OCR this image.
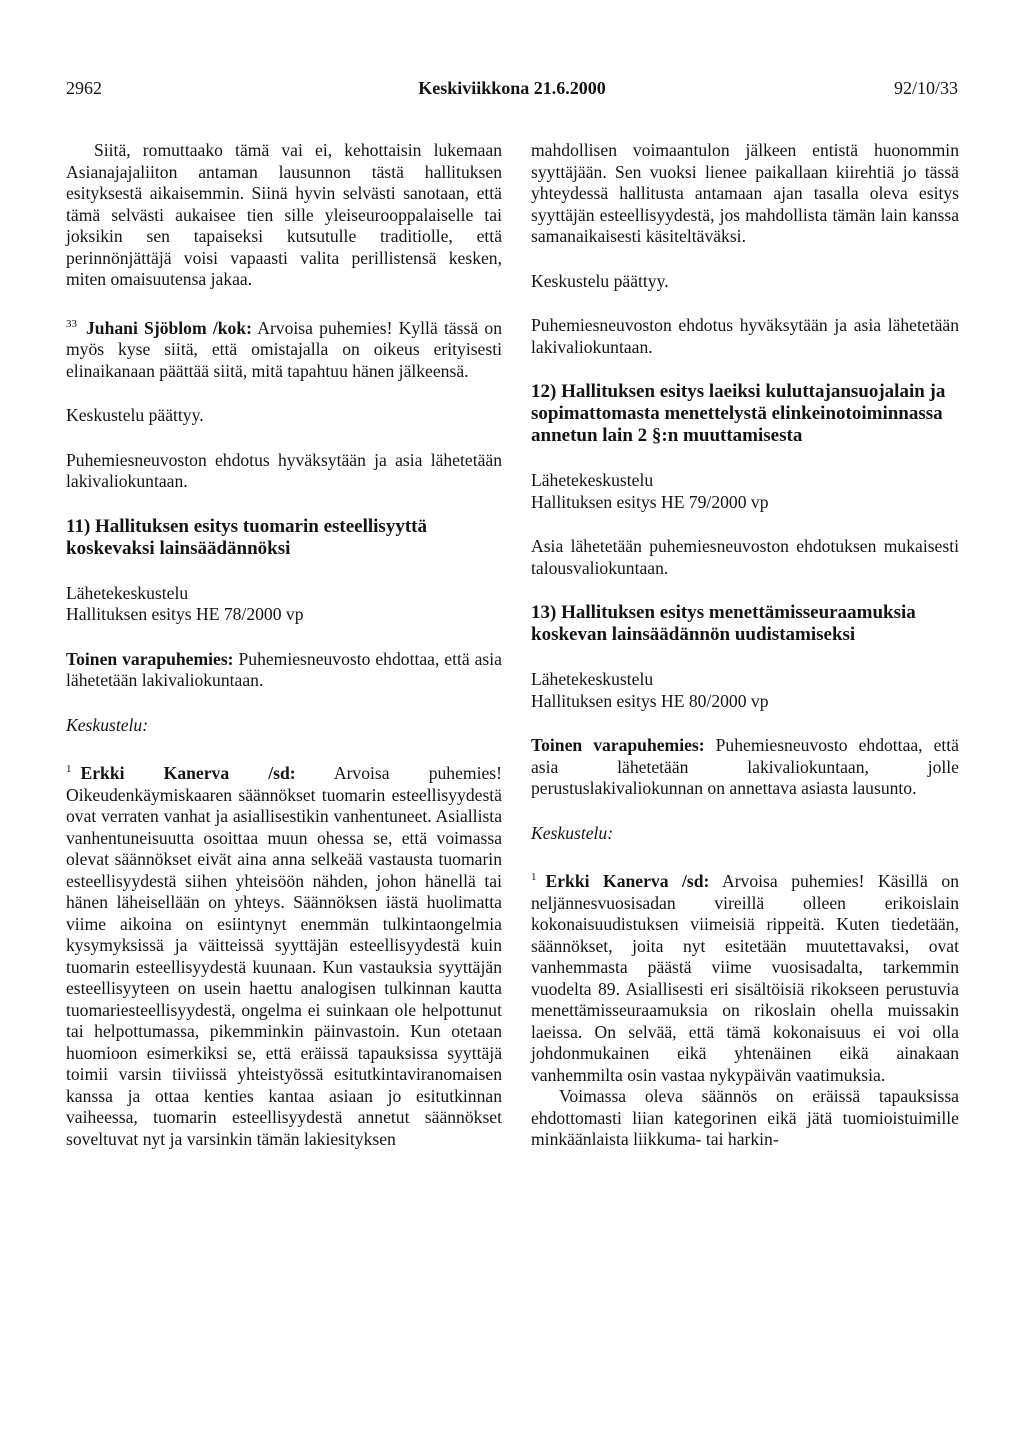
2962	Keskiviikkona 21.6.2000	92/10/33

Siitä, romuttaako tämä vai ei, kehottaisin lukemaan Asianajajaliiton antaman lausunnon tästä hallituksen esityksestä aikaisemmin. Siinä hyvin selvästi sanotaan, että tämä selvästi aukaisee tien sille yleiseurooppalaiselle tai joksikin sen tapaiseksi kutsutulle traditiolle, että perinnönjättäjä voisi vapaasti valita perillistensä kesken, miten omaisuutensa jakaa.

$^{33}$ Juhani Sjöblom /kok: Arvoisa puhemies! Kyllä tässä on myös kyse siitä, että omistajalla on oikeus erityisesti elinaikanaan päättää siitä, mitä tapahtuu hänen jälkeensä.

Keskustelu päättyy.

Puhemiesneuvoston ehdotus hyväksytään ja asia lähetetään lakivaliokuntaan.

11) Hallituksen esitys tuomarin esteellisyyttä koskevaksi lainsäädännöksi

Lähetekeskustelu

Hallituksen esitys HE 78/2000 vp

Toinen varapuhemies: Puhemiesneuvosto ehdottaa, että asia lähetetään lakivaliokuntaan.

Keskustelu:

$^1$ Erkki Kanerva /sd: Arvoisa puhemies! Oikeudenkäymiskaaren säännökset tuomarin esteellisyydestä ovat verraten vanhat ja asiallisestikin vanhentuneet. Asiallista vanhentuneisuutta osoittaa muun ohessa se, että voimassa olevat säännökset eivät aina anna selkeää vastausta tuomarin esteellisyydestä siihen yhteisöön nähden, johon hänellä tai hänen läheisellään on yhteys. Säännöksen iästä huolimatta viime aikoina on esiintynyt enemmän tulkintaongelmia kysymyksissä ja väitteissä syyttäjän esteellisyydestä kuin tuomarin esteellisyydestä kuunaan. Kun vastauksia syyttäjän esteellisyyteen on usein haettu analogisen tulkinnan kautta tuomariesteellisyydestä, ongelma ei suinkaan ole helpottunut tai helpottumassa, pikemminkin päinvastoin. Kun otetaan huomioon esimerkiksi se, että eräissä tapauksissa syyttäjä toimii varsin tiiviissä yhteistyössä esitutkintaviranomaisen kanssa ja ottaa kenties kantaa asiaan jo esitutkinnan vaiheessa, tuomarin esteellisyydestä annetut säännökset soveltuvat nyt ja varsinkin tämän lakiesityksen

mahdollisen voimaantulon jälkeen entistä huonommin syyttäjään. Sen vuoksi lienee paikallaan kiirehtiä jo tässä yhteydessä hallitusta antamaan ajan tasalla oleva esitys syyttäjän esteellisyydestä, jos mahdollista tämän lain kanssa samanaikaisesti käsiteltäväksi.

Keskustelu päättyy.

Puhemiesneuvoston ehdotus hyväksytään ja asia lähetetään lakivaliokuntaan.

12) Hallituksen esitys laeiksi kuluttajansuojalain ja sopimattomasta menettelystä elinkeinotoiminnassa annetun lain 2 §:n muuttamisesta

Lähetekeskustelu

Hallituksen esitys HE 79/2000 vp

Asia lähetetään puhemiesneuvoston ehdotuksen mukaisesti talousvaliokuntaan.

13) Hallituksen esitys menettämisseuraamuksia koskevan lainsäädännön uudistamiseksi

Lähetekeskustelu

Hallituksen esitys HE 80/2000 vp

Toinen varapuhemies: Puhemiesneuvosto ehdottaa, että asia lähetetään lakivaliokuntaan, jolle perustuslakivaliokunnan on annettava asiasta lausunto.

Keskustelu:

$^1$ Erkki Kanerva /sd: Arvoisa puhemies! Käsillä on neljännesvuosisadan vireillä olleen erikoislain kokonaisuudistuksen viimeisiä rippeitä. Kuten tiedetään, säännökset, joita nyt esitetään muutettavaksi, ovat vanhemmasta päästä viime vuosisadalta, tarkemmin vuodelta 89. Asiallisesti eri sisältöisiä rikokseen perustuvia menettämisseuraamuksia on rikoslain ohella muissakin laeissa. On selvää, että tämä kokonaisuus ei voi olla johdonmukainen eikä yhtenäinen eikä ainakaan vanhemmilta osin vastaa nykypäivän vaatimuksia.

Voimassa oleva säännös on eräissä tapauksissa ehdottomasti liian kategorinen eikä jätä tuomioistuimille minkäänlaista liikkuma- tai harkin-
